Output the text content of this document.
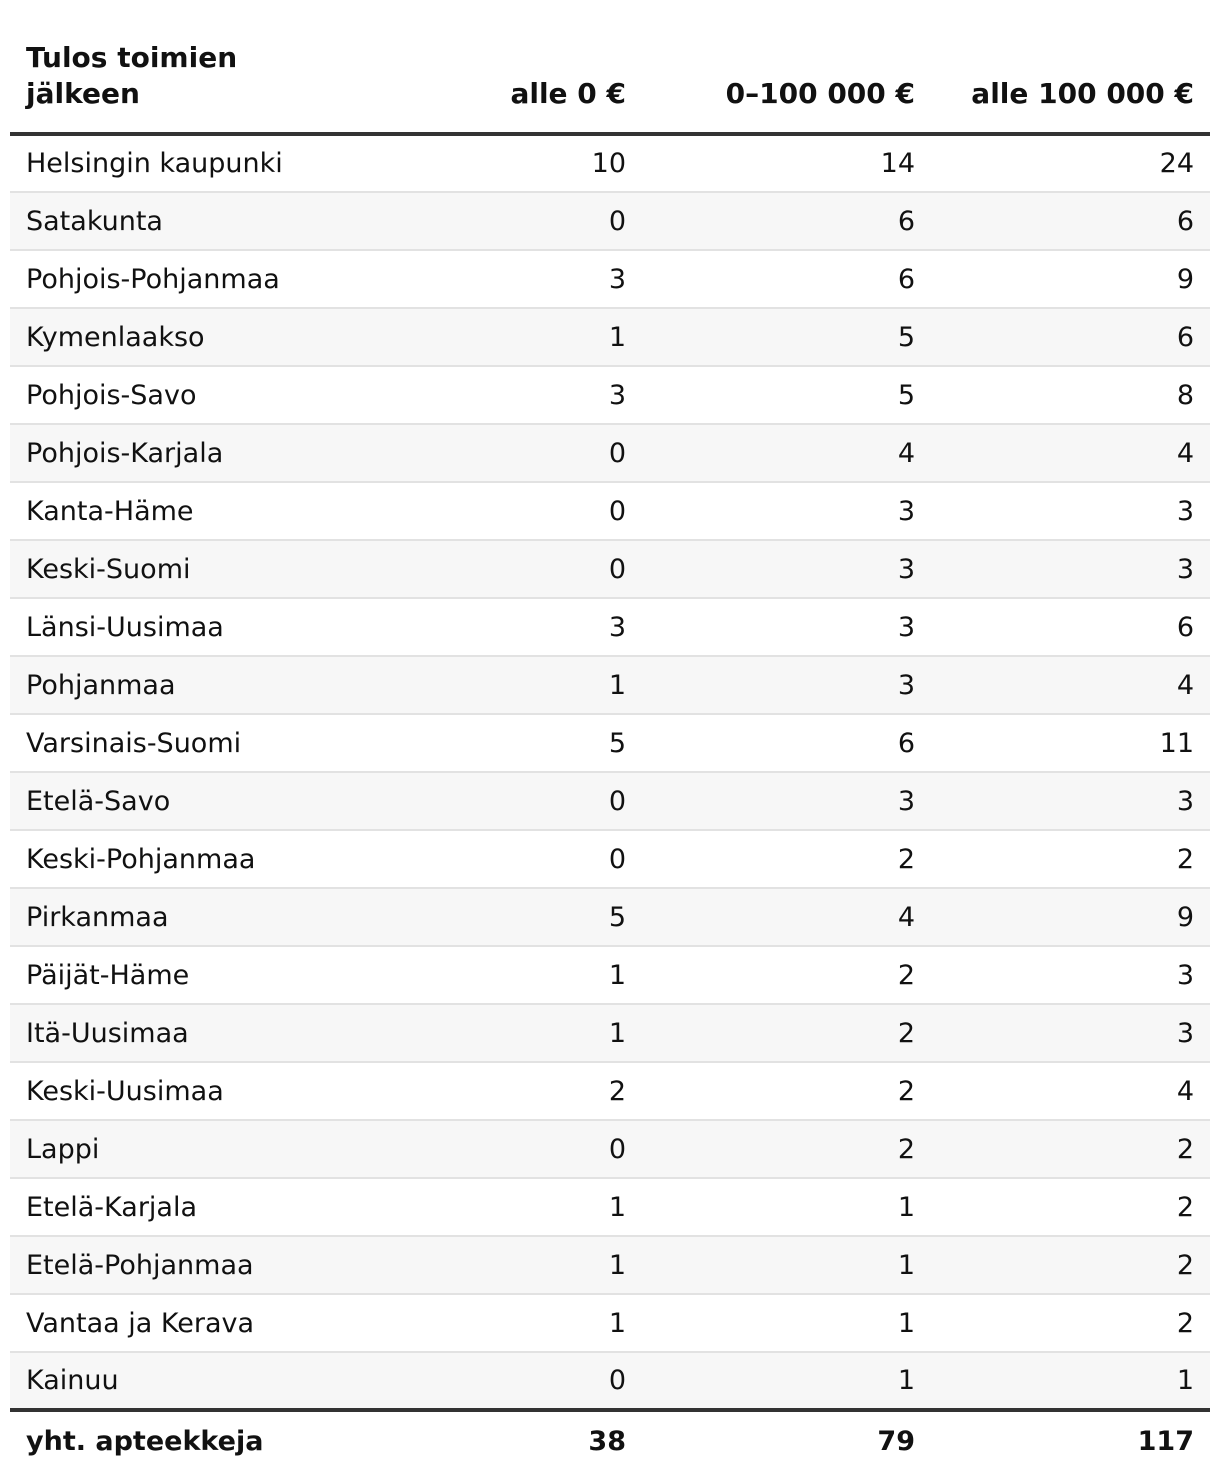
Tulos toimien
jälkeen	alle 0 €	0–100 000 €	alle 100 000 €
Helsingin kaupunki	10	14	24
Satakunta	0	6	6
Pohjois-Pohjanmaa	3	6	9
Kymenlaakso	1	5	6
Pohjois-Savo	3	5	8
Pohjois-Karjala	0	4	4
Kanta-Häme	0	3	3
Keski-Suomi	0	3	3
Länsi-Uusimaa	3	3	6
Pohjanmaa	1	3	4
Varsinais-Suomi	5	6	11
Etelä-Savo	0	3	3
Keski-Pohjanmaa	0	2	2
Pirkanmaa	5	4	9
Päijät-Häme	1	2	3
Itä-Uusimaa	1	2	3
Keski-Uusimaa	2	2	4
Lappi	0	2	2
Etelä-Karjala	1	1	2
Etelä-Pohjanmaa	1	1	2
Vantaa ja Kerava	1	1	2
Kainuu	0	1	1
yht. apteekkeja	38	79	117
